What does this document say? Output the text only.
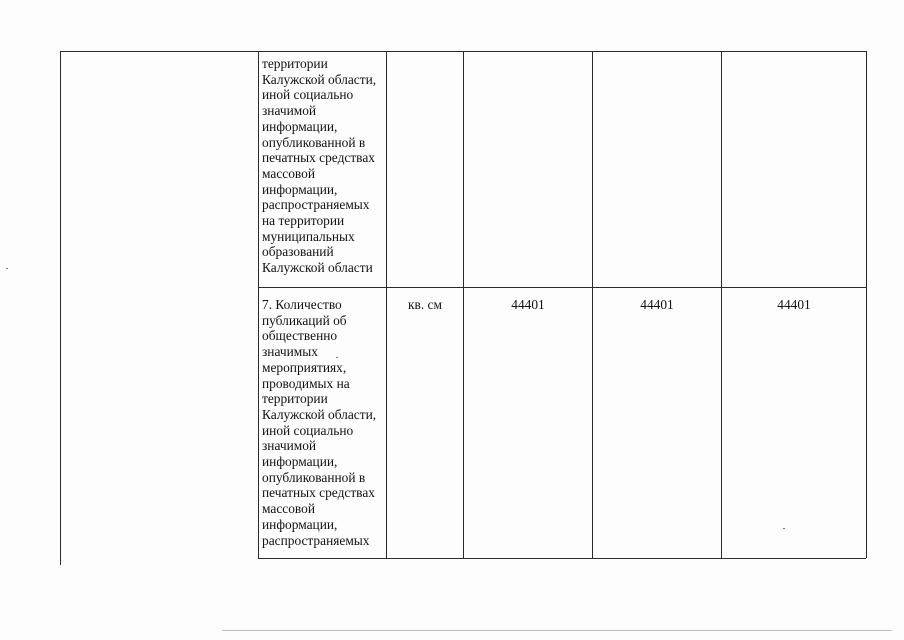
территории
Калужской области,
иной социально
значимой
информации,
опубликованной в
печатных средствах
массовой
информации,
распространяемых
на территории
муниципальных
образований
Калужской области
7. Количество
публикаций об
общественно
значимых
мероприятиях,
проводимых на
территории
Калужской области,
иной социально
значимой
информации,
опубликованной в
печатных средствах
массовой
информации,
распространяемых
кв. см	44401	44401	44401
